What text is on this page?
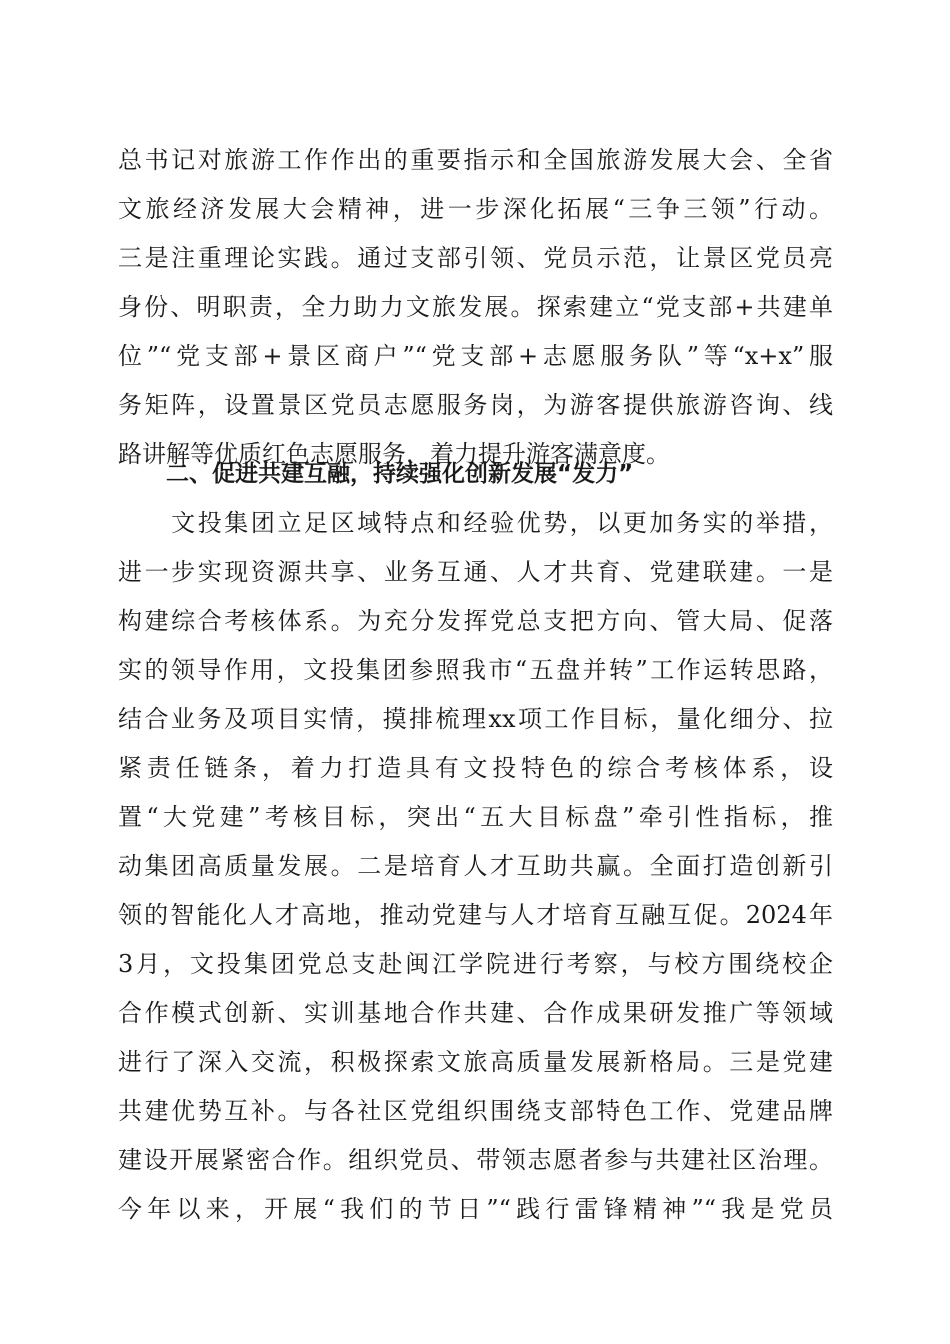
总书记对旅游工作作出的重要指示和全国旅游发展大会、全省
文旅经济发展大会精神，进一步深化拓展“三争三领”行动。
三是注重理论实践。通过支部引领、党员示范，让景区党员亮
身份、明职责，全力助力文旅发展。探索建立“党支部+共建单
位”“党支部+景区商户”“党支部+志愿服务队”等“x+x”服
务矩阵，设置景区党员志愿服务岗，为游客提供旅游咨询、线
路讲解等优质红色志愿服务，着力提升游客满意度。
二、促进共建互融，持续强化创新发展“发力”
　　文投集团立足区域特点和经验优势，以更加务实的举措，
进一步实现资源共享、业务互通、人才共育、党建联建。一是
构建综合考核体系。为充分发挥党总支把方向、管大局、促落
实的领导作用，文投集团参照我市“五盘并转”工作运转思路，
结合业务及项目实情，摸排梳理xx项工作目标，量化细分、拉
紧责任链条，着力打造具有文投特色的综合考核体系，设
置“大党建”考核目标，突出“五大目标盘”牵引性指标，推
动集团高质量发展。二是培育人才互助共赢。全面打造创新引
领的智能化人才高地，推动党建与人才培育互融互促。2024年
3月，文投集团党总支赴闽江学院进行考察，与校方围绕校企
合作模式创新、实训基地合作共建、合作成果研发推广等领域
进行了深入交流，积极探索文旅高质量发展新格局。三是党建
共建优势互补。与各社区党组织围绕支部特色工作、党建品牌
建设开展紧密合作。组织党员、带领志愿者参与共建社区治理。
今年以来，开展“我们的节日”“践行雷锋精神”“我是党员
